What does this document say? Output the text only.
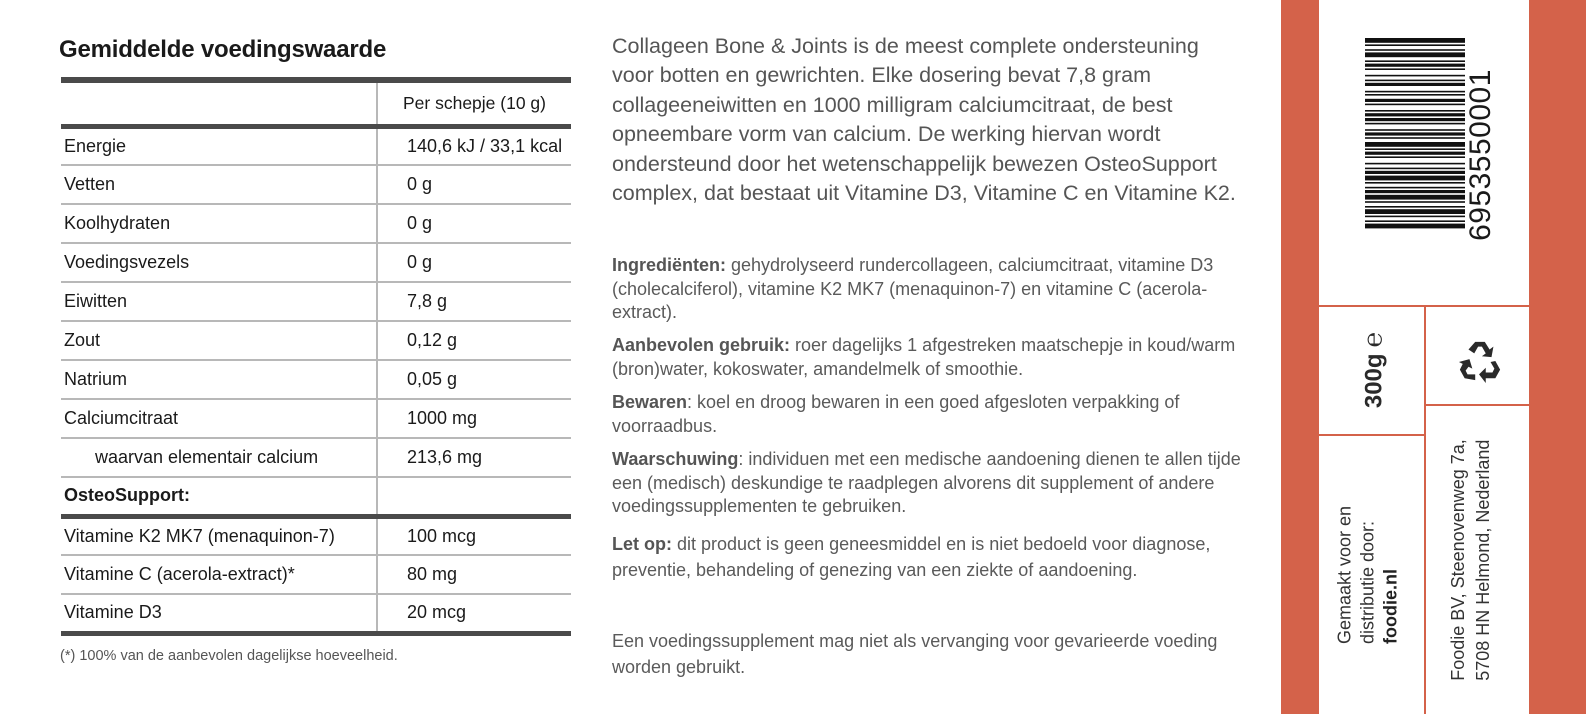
Gemiddelde voedingswaarde
	Per schepje (10 g)
Energie	140,6 kJ / 33,1 kcal
Vetten	0 g
Koolhydraten	0 g
Voedingsvezels	0 g
Eiwitten	7,8 g
Zout	0,12 g
Natrium	0,05 g
Calciumcitraat	1000 mg
waarvan elementair calcium	213,6 mg
OsteoSupport:	
Vitamine K2 MK7 (menaquinon-7)	100 mcg
Vitamine C (acerola-extract)*	80 mg
Vitamine D3	20 mcg
(*) 100% van de aanbevolen dagelijkse hoeveelheid.
Collageen Bone & Joints is de meest complete ondersteuning voor botten en gewrichten. Elke dosering bevat 7,8 gram collageeneiwitten en 1000 milligram calciumcitraat, de best opneembare vorm van calcium. De werking hiervan wordt ondersteund door het wetenschappelijk bewezen OsteoSupport complex, dat bestaat uit Vitamine D3, Vitamine C en Vitamine K2.
Ingrediënten: gehydrolyseerd rundercollageen, calciumcitraat, vitamine D3 (cholecalciferol), vitamine K2 MK7 (menaquinon-7) en vitamine C (acerola-extract).
Aanbevolen gebruik: roer dagelijks 1 afgestreken maatschepje in koud/warm (bron)water, kokoswater, amandelmelk of smoothie.
Bewaren: koel en droog bewaren in een goed afgesloten verpakking of voorraadbus.
Waarschuwing: individuen met een medische aandoening dienen te allen tijde een (medisch) deskundige te raadplegen alvorens dit supplement of andere voedingssupplementen te gebruiken.
Let op: dit product is geen geneesmiddel en is niet bedoeld voor diagnose, preventie, behandeling of genezing van een ziekte of aandoening.
Een voedingssupplement mag niet als vervanging voor gevarieerde voeding worden gebruikt.
6953550001
300g℮
Gemaakt voor en distributie door: foodie.nl	Foodie BV, Steenovenweg 7a, 5708 HN Helmond, Nederland
